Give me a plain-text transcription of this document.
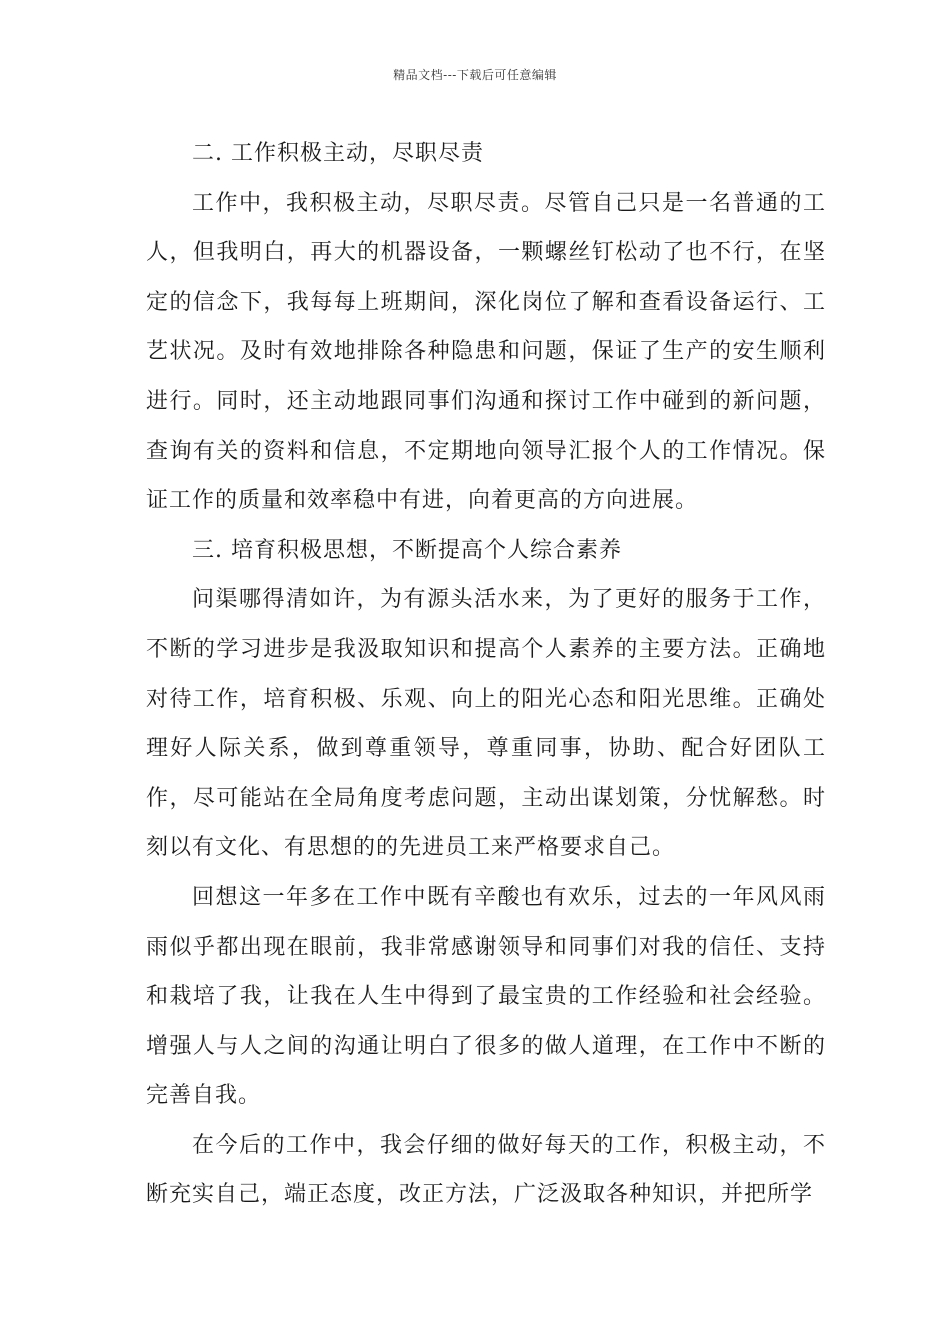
精品文档---下载后可任意编辑

二. 工作积极主动，尽职尽责

工作中，我积极主动，尽职尽责。尽管自己只是一名普通的工人，但我明白，再大的机器设备，一颗螺丝钉松动了也不行，在坚定的信念下，我每每上班期间，深化岗位了解和查看设备运行、工艺状况。及时有效地排除各种隐患和问题，保证了生产的安生顺利进行。同时，还主动地跟同事们沟通和探讨工作中碰到的新问题，查询有关的资料和信息，不定期地向领导汇报个人的工作情况。保证工作的质量和效率稳中有进，向着更高的方向进展。

三. 培育积极思想，不断提高个人综合素养

问渠哪得清如许，为有源头活水来，为了更好的服务于工作，不断的学习进步是我汲取知识和提高个人素养的主要方法。正确地对待工作，培育积极、乐观、向上的阳光心态和阳光思维。正确处理好人际关系，做到尊重领导，尊重同事，协助、配合好团队工作，尽可能站在全局角度考虑问题，主动出谋划策，分忧解愁。时刻以有文化、有思想的的先进员工来严格要求自己。

回想这一年多在工作中既有辛酸也有欢乐，过去的一年风风雨雨似乎都出现在眼前，我非常感谢领导和同事们对我的信任、支持和栽培了我，让我在人生中得到了最宝贵的工作经验和社会经验。增强人与人之间的沟通让明白了很多的做人道理，在工作中不断的完善自我。

在今后的工作中，我会仔细的做好每天的工作，积极主动，不断充实自己，端正态度，改正方法，广泛汲取各种知识，并把所学
